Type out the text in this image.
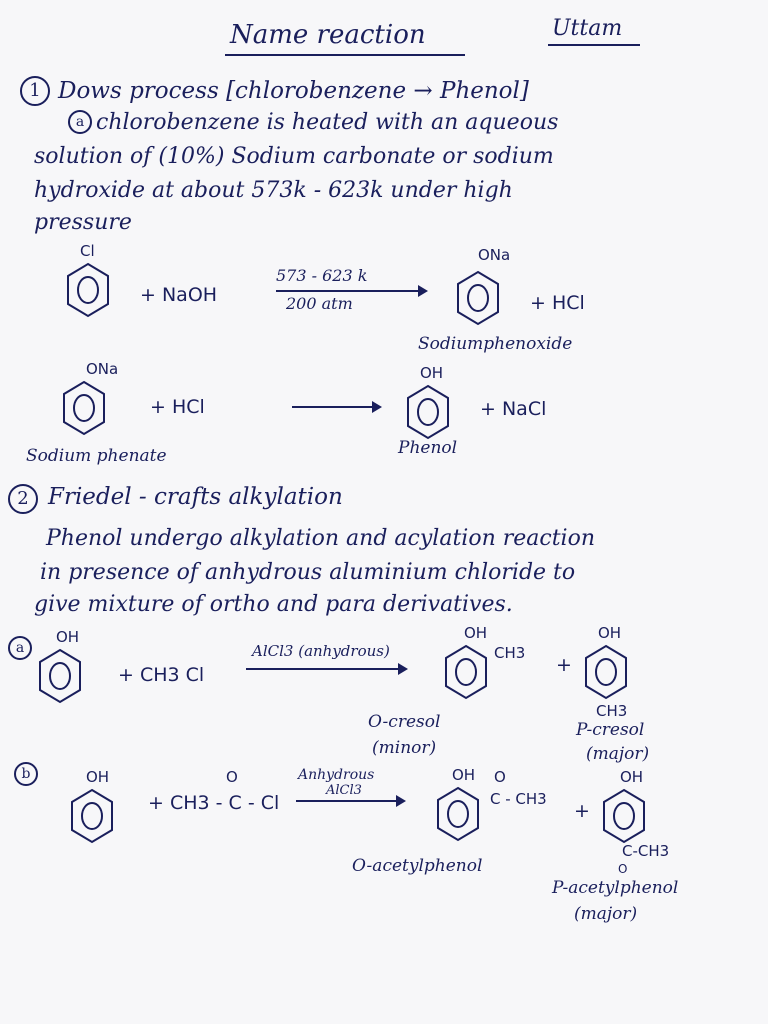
Name reaction	Uttam
1 Dows process [chlorobenzene → Phenol]
a chlorobenzene is heated with an aqueous
solution of (10%) Sodium carbonate or sodium
hydroxide at about 573k - 623k under high
pressure
Cl
+ NaOH
573 - 623 k
200 atm
ONa
+ HCl
Sodiumphenoxide
ONa
+ HCl
OH
+ NaCl
Sodium phenate	Phenol
2 Friedel - crafts alkylation
Phenol undergo alkylation and acylation reaction
in presence of anhydrous aluminium chloride to
give mixture of ortho and para derivatives.
a
OH
+ CH3 Cl
AlCl3 (anhydrous)
OH
CH3
+
OH
CH3
O-cresol
(minor)
P-cresol
(major)
b	OH	O
+ CH3 - C - Cl
Anhydrous
AlCl3
OH O
C - CH3
+
OH
C-CH3
O
O-acetylphenol
P-acetylphenol
(major)
